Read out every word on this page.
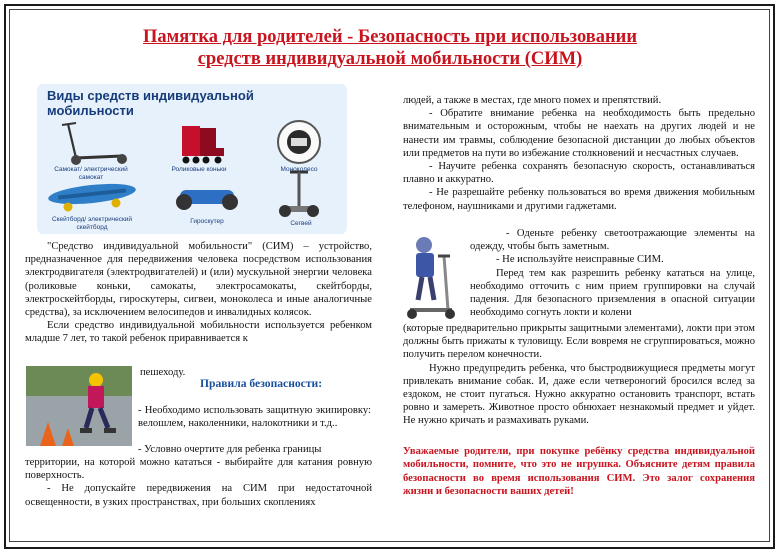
Памятка для родителей - Безопасность при использовании
средств индивидуальной мобильности (СИМ)
Виды средств индивидуальной мобильности
Самокат/ электрический самокат
Роликовые коньки	Моноколесо
Скейтборд/ электрический скейтборд
Гироскутер	Сегвей

"Средство индивидуальной мобильности" (СИМ) – устройство, предназначенное для передвижения человека посредством использования электродвигателя (электродвигателей) и (или) мускульной энергии человека (роликовые коньки, самокаты, электросамокаты, скейтборды, электроскейтборды, гироскутеры, сигвеи, моноколеса и иные аналогичные средства), за исключением велосипедов и инвалидных колясок.

Если средство индивидуальной мобильности используется ребенком младше 7 лет, то такой ребенок приравнивается к

пешеходу.
Правила безопасности:
- Необходимо использовать защитную экипировку: велошлем, наколенники, налокотники и т.д..
- Условно очертите для ребенка границы

территории, на которой можно кататься - выбирайте для катания ровную поверхность.

- Не допускайте передвижения на СИМ при недостаточной освещенности, в узких пространствах, при больших скоплениях

людей, а также в местах, где много помех и препятствий.

- Обратите внимание ребенка на необходимость быть предельно внимательным и осторожным, чтобы не наехать на других людей и не нанести им травмы, соблюдение безопасной дистанции до любых объектов или предметов на пути во избежание столкновений и несчастных случаев.

- Научите ребенка сохранять безопасную скорость, останавливаться плавно и аккуратно.

- Не разрешайте ребенку пользоваться во время движения мобильным телефоном, наушниками и другими гаджетами.

- Оденьте ребенку светоотражающие элементы на одежду, чтобы быть заметным.

- Не используйте неисправные СИМ.

Перед тем как разрешить ребенку кататься на улице, необходимо отточить с ним прием группировки на случай падения. Для безопасного приземления в опасной ситуации необходимо согнуть локти и колени

(которые предварительно прикрыты защитными элементами), локти при этом должны быть прижаты к туловищу. Если вовремя не сгруппироваться, можно получить перелом конечности.

Нужно предупредить ребенка, что быстродвижущиеся предметы могут привлекать внимание собак. И, даже если четвероногий бросился вслед за ездоком, не стоит пугаться. Нужно аккуратно остановить транспорт, встать ровно и замереть. Животное просто обнюхает незнакомый предмет и уйдет. Не нужно кричать и размахивать руками.

Уважаемые родители, при покупке ребёнку средства индивидуальной мобильности, помните, что это не игрушка. Объясните детям правила безопасности во время использования СИМ. Это залог сохранения жизни и безопасности ваших детей!
